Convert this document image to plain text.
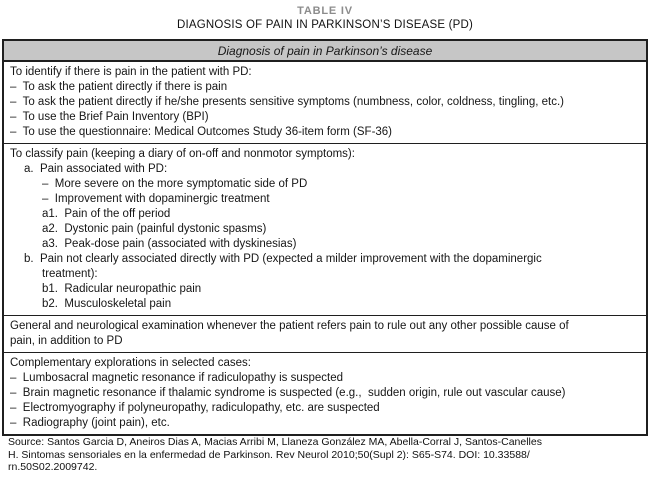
TABLE IV
DIAGNOSIS OF PAIN IN PARKINSON’S DISEASE (PD)
Diagnosis of pain in Parkinson’s disease
To identify if there is pain in the patient with PD:
–  To ask the patient directly if there is pain
–  To ask the patient directly if he/she presents sensitive symptoms (numbness, color, coldness, tingling, etc.)
–  To use the Brief Pain Inventory (BPI)
–  To use the questionnaire: Medical Outcomes Study 36-item form (SF-36)
To classify pain (keeping a diary of on-off and nonmotor symptoms):
a.  Pain associated with PD:
–  More severe on the more symptomatic side of PD
–  Improvement with dopaminergic treatment
a1.  Pain of the off period
a2.  Dystonic pain (painful dystonic spasms)
a3.  Peak-dose pain (associated with dyskinesias)
b.  Pain not clearly associated directly with PD (expected a milder improvement with the dopaminergic
treatment):
b1.  Radicular neuropathic pain
b2.  Musculoskeletal pain
General and neurological examination whenever the patient refers pain to rule out any other possible cause of
pain, in addition to PD
Complementary explorations in selected cases:
–  Lumbosacral magnetic resonance if radiculopathy is suspected
–  Brain magnetic resonance if thalamic syndrome is suspected (e.g.,  sudden origin, rule out vascular cause)
–  Electromyography if polyneuropathy, radiculopathy, etc. are suspected
–  Radiography (joint pain), etc.
Source: Santos Garcia D, Aneiros Dias A, Macias Arribi M, Llaneza González MA, Abella-Corral J, Santos-Canelles
H. Sintomas sensoriales en la enfermedad de Parkinson. Rev Neurol 2010;50(Supl 2): S65-S74. DOI: 10.33588/
rn.50S02.2009742.
